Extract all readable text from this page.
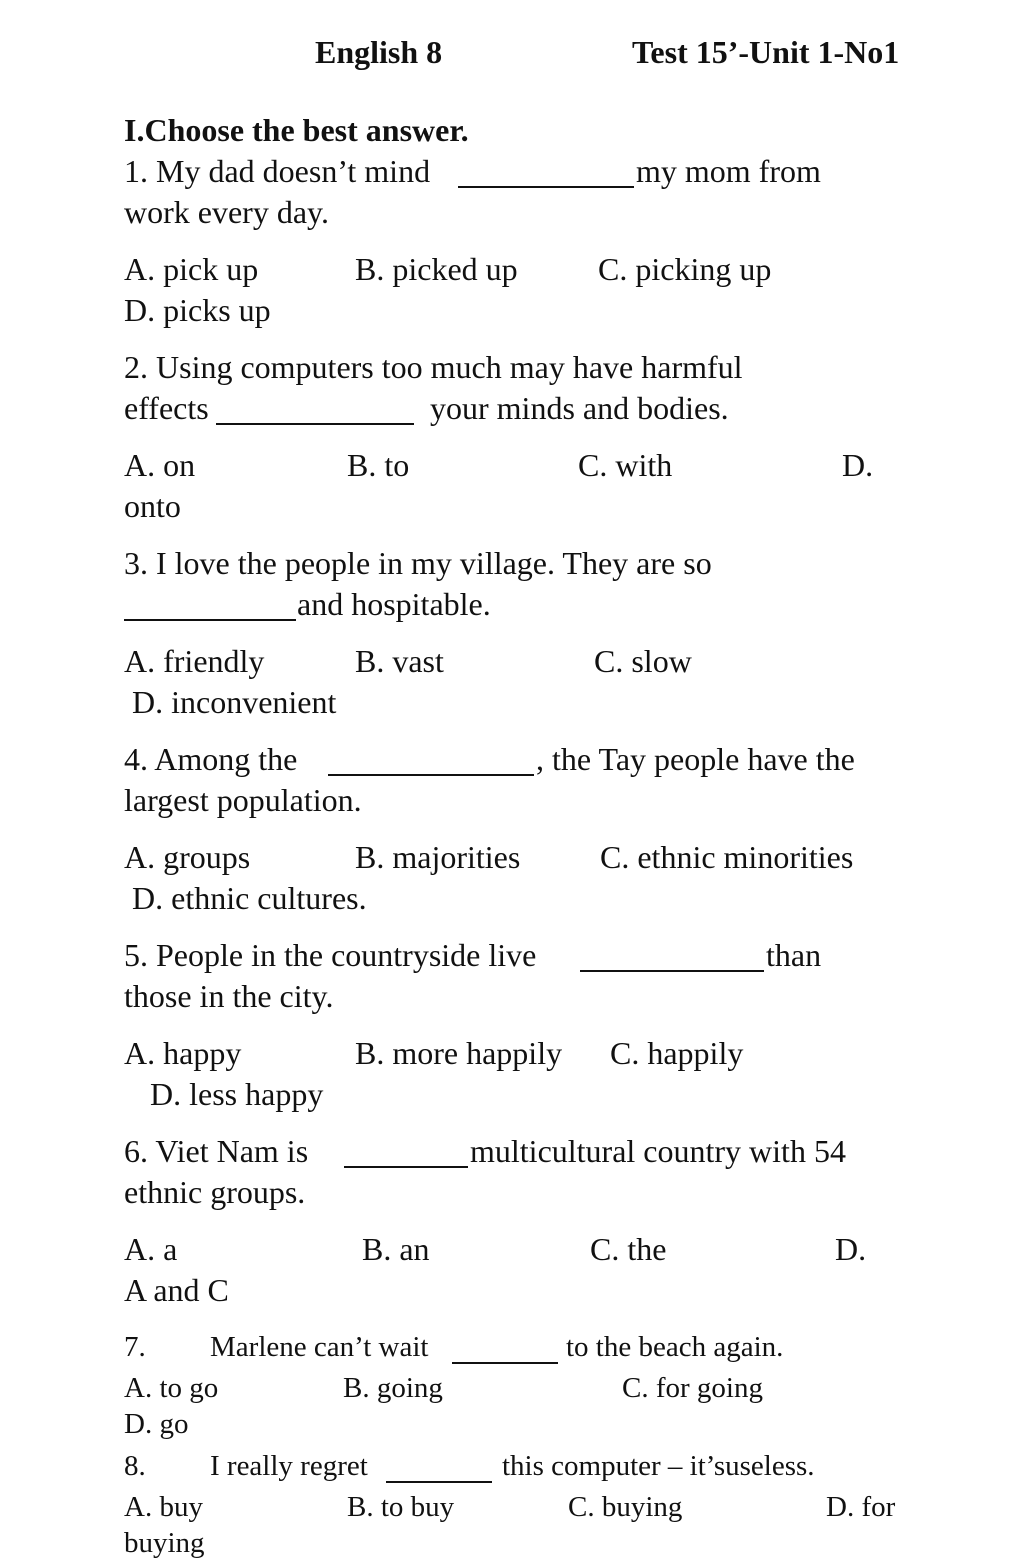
English 8	Test 15’-Unit 1-No1
I.Choose the best answer.
1. My dad doesn’t mind	my mom from
work every day.
A. pick up	B. picked up	C. picking up
D. picks up
2. Using computers too much may have harmful
effects	your minds and bodies.
A. on	B. to	C. with	D.
onto
3. I love the people in my village. They are so
and hospitable.
A. friendly	B. vast	C. slow
D. inconvenient
4. Among the	, the Tay people have the
largest population.
A. groups	B. majorities C. ethnic minorities
D. ethnic cultures.
5. People in the countryside live	than
those in the city.
A. happy	B. more happily C. happily
D. less happy
6. Viet Nam is	multicultural country with 54
ethnic groups.
A. a	B. an	C. the	D.
A and C
7. Marlene can’t wait	to the beach again.
A. to go	B. going	C. for going
D. go
8. I really regret	this computer – it’suseless.
A. buy	B. to buy	C. buying	D. for
buying
